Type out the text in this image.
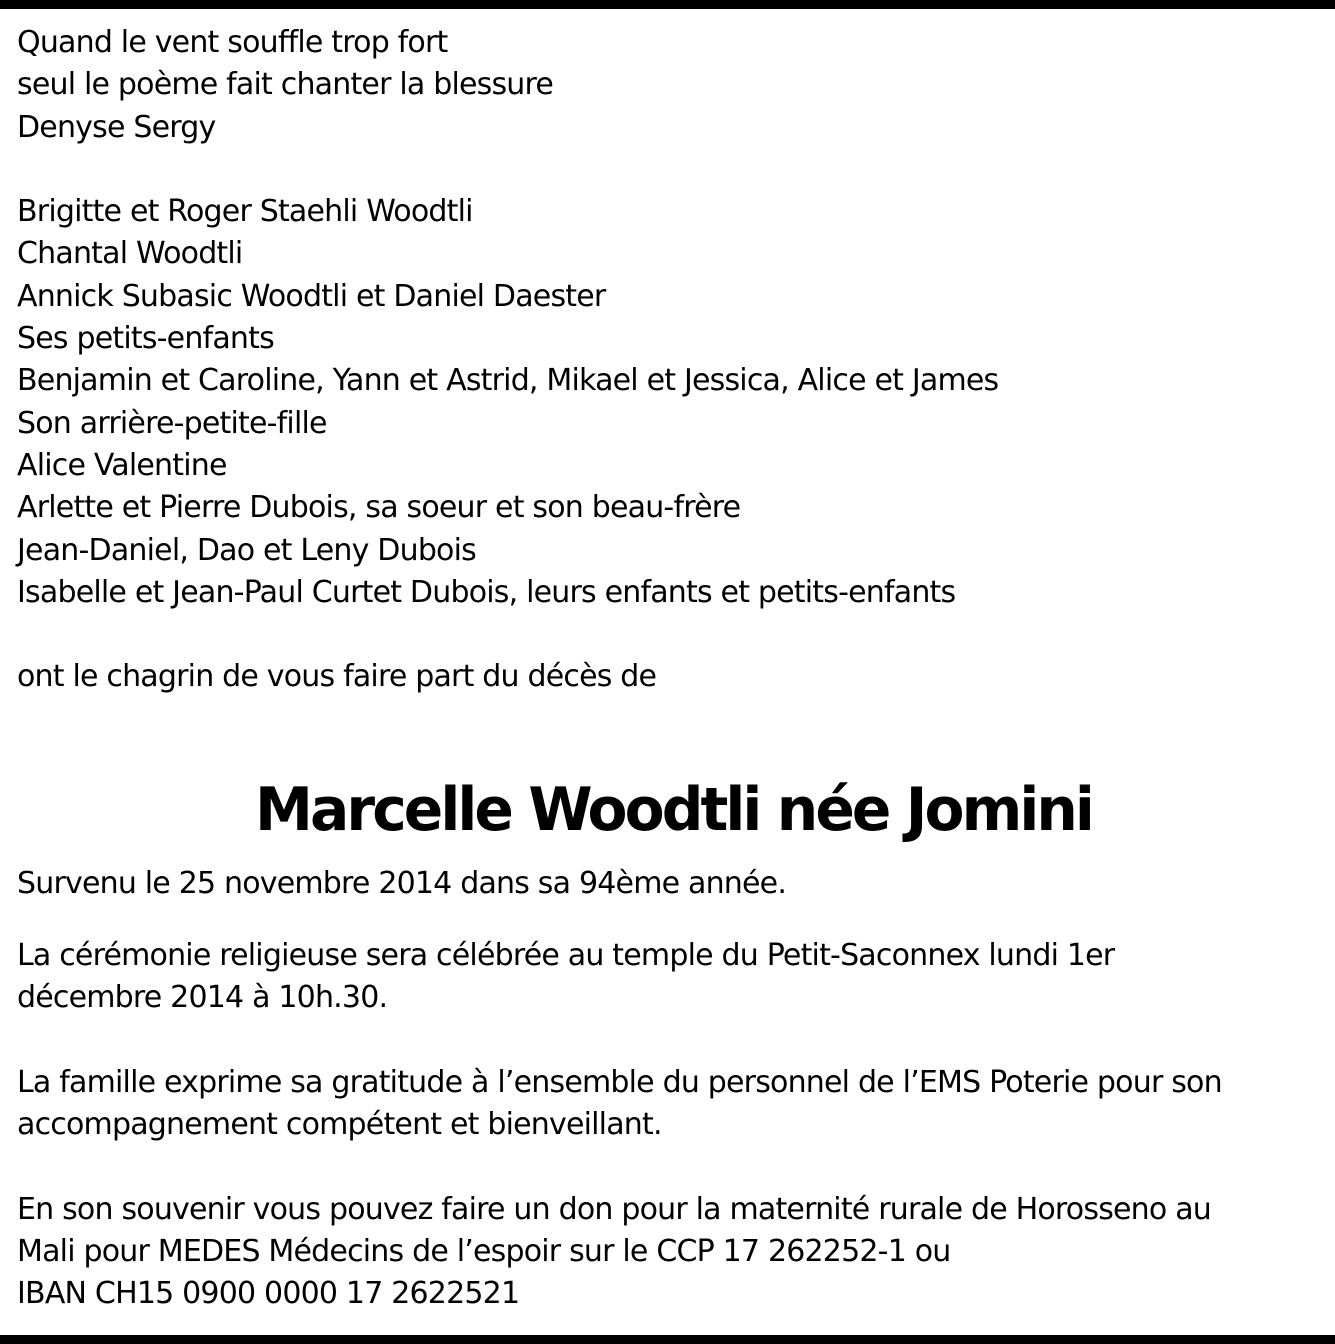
Quand le vent souffle trop fort
seul le poème fait chanter la blessure
Denyse Sergy
Brigitte et Roger Staehli Woodtli
Chantal Woodtli
Annick Subasic Woodtli et Daniel Daester
Ses petits-enfants
Benjamin et Caroline, Yann et Astrid, Mikael et Jessica, Alice et James
Son arrière-petite-fille
Alice Valentine
Arlette et Pierre Dubois, sa soeur et son beau-frère
Jean-Daniel, Dao et Leny Dubois
Isabelle et Jean-Paul Curtet Dubois, leurs enfants et petits-enfants
ont le chagrin de vous faire part du décès de
Marcelle Woodtli née Jomini
Survenu le 25 novembre 2014 dans sa 94ème année.
La cérémonie religieuse sera célébrée au temple du Petit-Saconnex lundi 1er
décembre 2014 à 10h.30.
La famille exprime sa gratitude à l’ensemble du personnel de l’EMS Poterie pour son
accompagnement compétent et bienveillant.
En son souvenir vous pouvez faire un don pour la maternité rurale de Horosseno au
Mali pour MEDES Médecins de l’espoir sur le CCP 17 262252-1 ou
IBAN CH15 0900 0000 17 2622521
